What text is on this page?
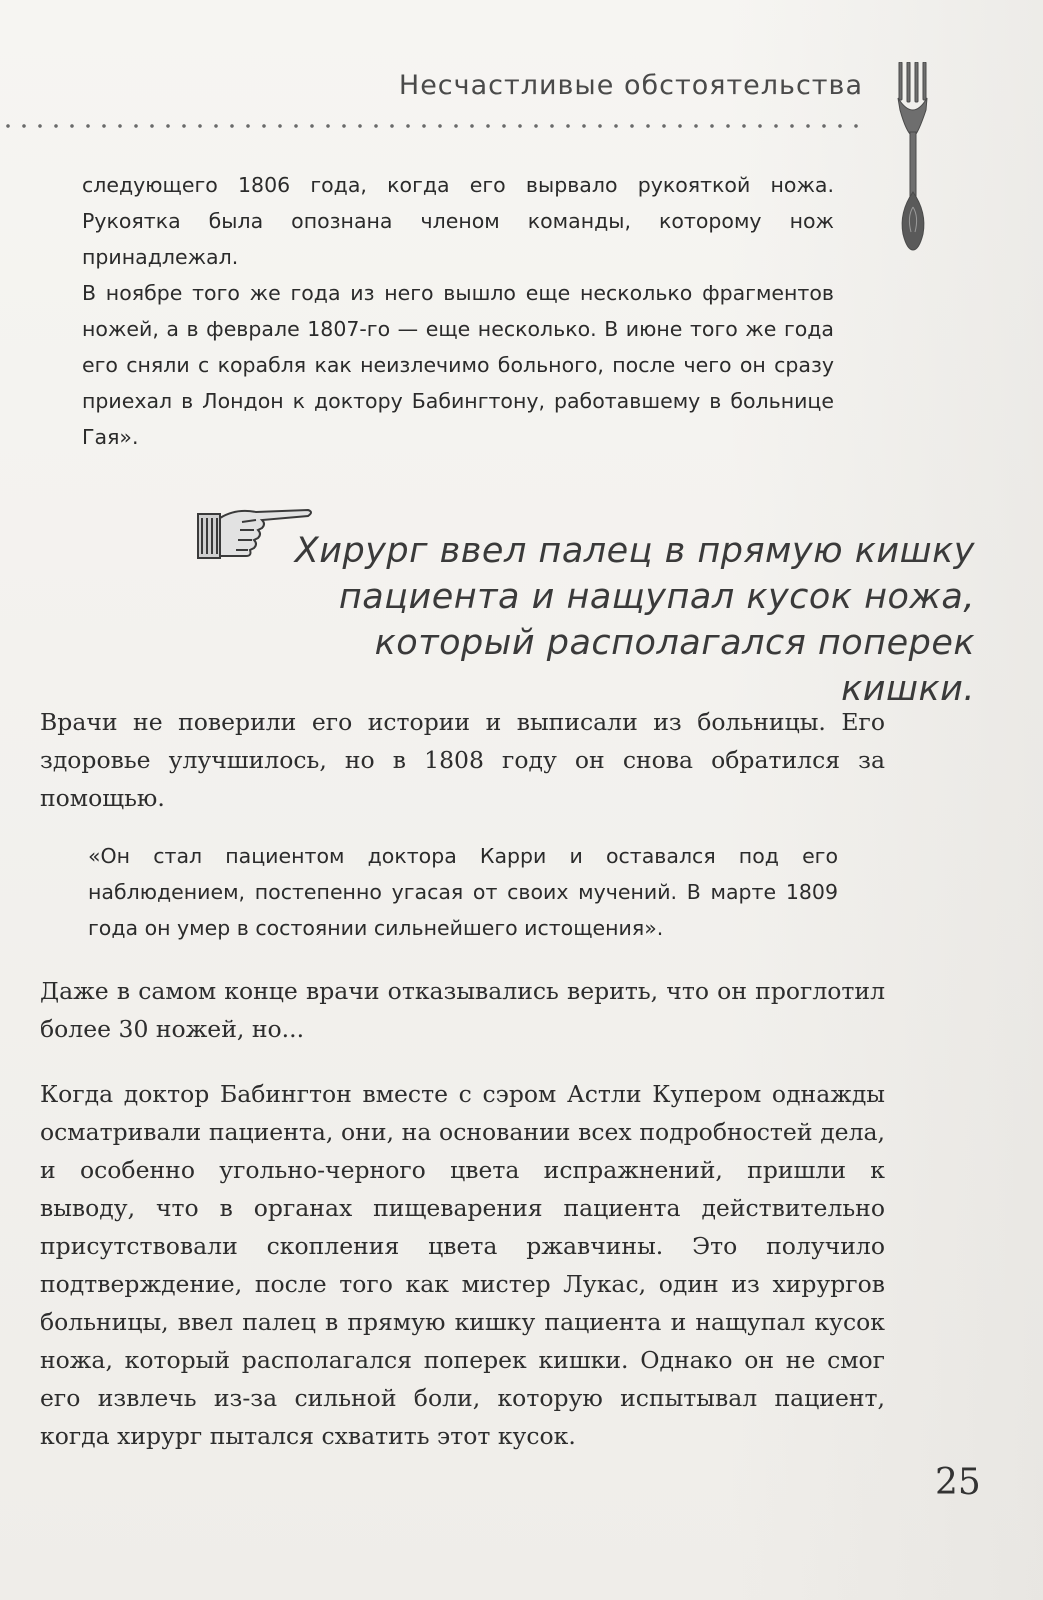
Несчастливые обстоятельства

следующего 1806 года, когда его вырвало рукояткой ножа. Рукоятка была опознана членом команды, которому нож принадлежал.

В ноябре того же года из него вышло еще несколько фрагментов ножей, а в феврале 1807-го — еще несколько. В июне того же года его сняли с корабля как неизлечимо больного, после чего он сразу приехал в Лондон к доктору Бабингтону, работавшему в больнице Гая».

Хирург ввел палец в прямую кишку пациента и нащупал кусок ножа, который располагался поперек кишки.

Врачи не поверили его истории и выписали из больницы. Его здоровье улучшилось, но в 1808 году он снова обратился за помощью.

«Он стал пациентом доктора Карри и оставался под его наблюдением, постепенно угасая от своих мучений. В марте 1809 года он умер в состоянии сильнейшего истощения».

Даже в самом конце врачи отказывались верить, что он проглотил более 30 ножей, но...

Когда доктор Бабингтон вместе с сэром Астли Купером однажды осматривали пациента, они, на основании всех подробностей дела, и особенно угольно-черного цвета испражнений, пришли к выводу, что в органах пищеварения пациента действительно присутствовали скопления цвета ржавчины. Это получило подтверждение, после того как мистер Лукас, один из хирургов больницы, ввел палец в прямую кишку пациента и нащупал кусок ножа, который располагался поперек кишки. Однако он не смог его извлечь из-за сильной боли, которую испытывал пациент, когда хирург пытался схватить этот кусок.

25
